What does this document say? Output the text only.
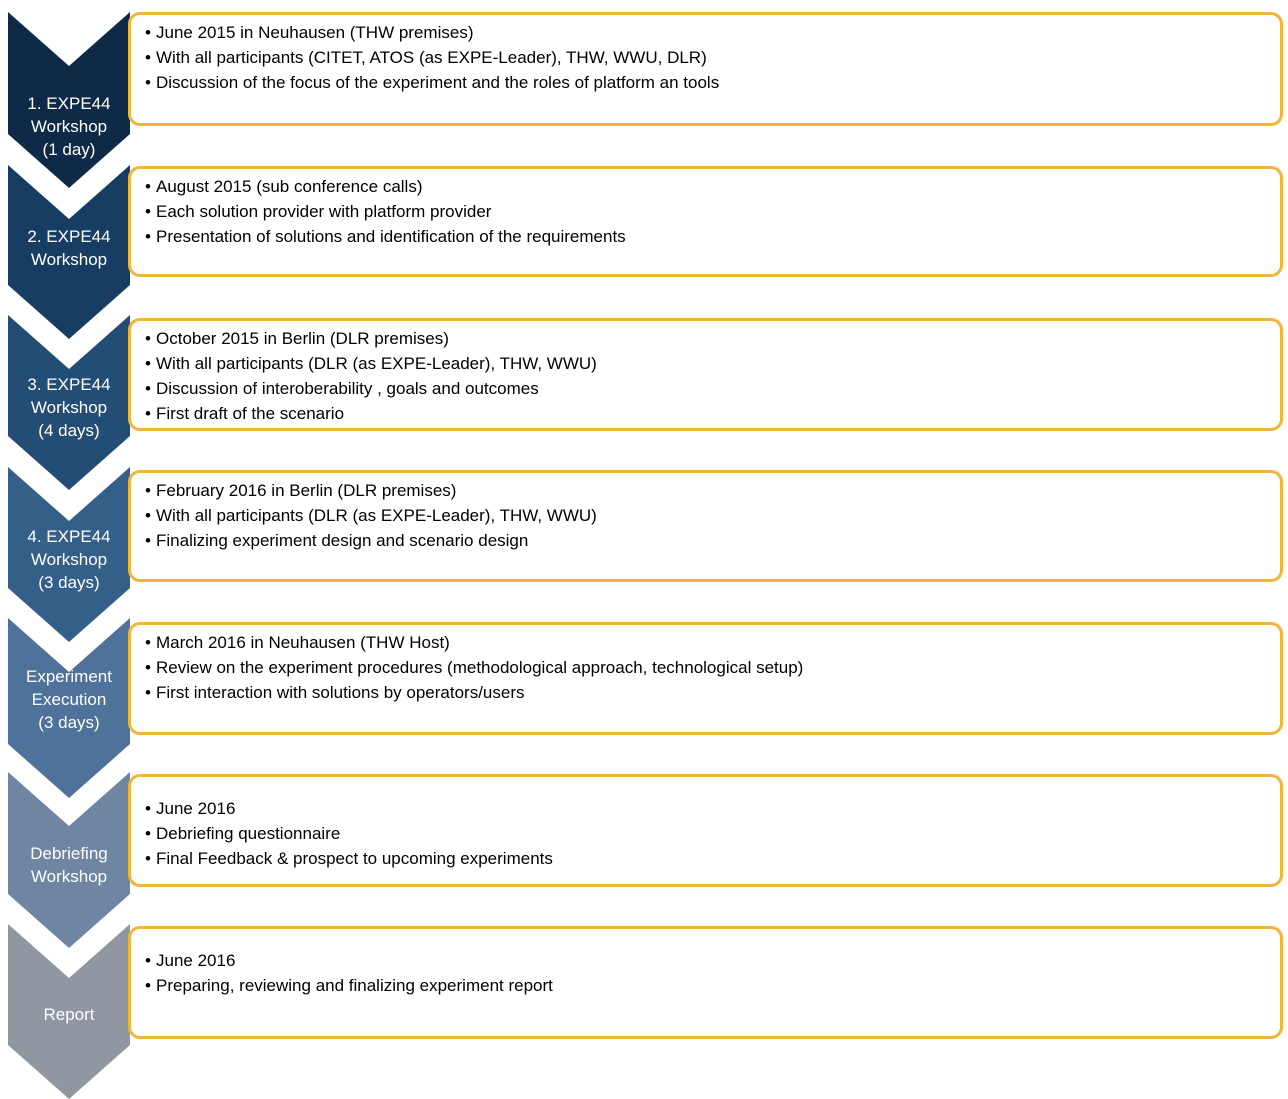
1. EXPE44
Workshop
(1 day)
• June 2015 in Neuhausen (THW premises)
• With all participants (CITET, ATOS (as EXPE-Leader), THW, WWU, DLR)
• Discussion of the focus of the experiment and the roles of platform an tools
2. EXPE44
Workshop
• August 2015 (sub conference calls)
• Each solution provider with platform provider
• Presentation of solutions and identification of the requirements
3. EXPE44
Workshop
(4 days)
• October 2015 in Berlin (DLR premises)
• With all participants (DLR (as EXPE-Leader), THW, WWU)
• Discussion of interoberability , goals and outcomes
• First draft of the scenario
4. EXPE44
Workshop
(3 days)
• February 2016 in Berlin (DLR premises)
• With all participants (DLR (as EXPE-Leader), THW, WWU)
• Finalizing experiment design and scenario design
Experiment
Execution
(3 days)
• March 2016 in Neuhausen (THW Host)
• Review on the experiment procedures (methodological approach, technological setup)
• First interaction with solutions by operators/users
Debriefing
Workshop
• June 2016
• Debriefing questionnaire
• Final Feedback & prospect to upcoming experiments
Report
• June 2016
• Preparing, reviewing and finalizing experiment report
